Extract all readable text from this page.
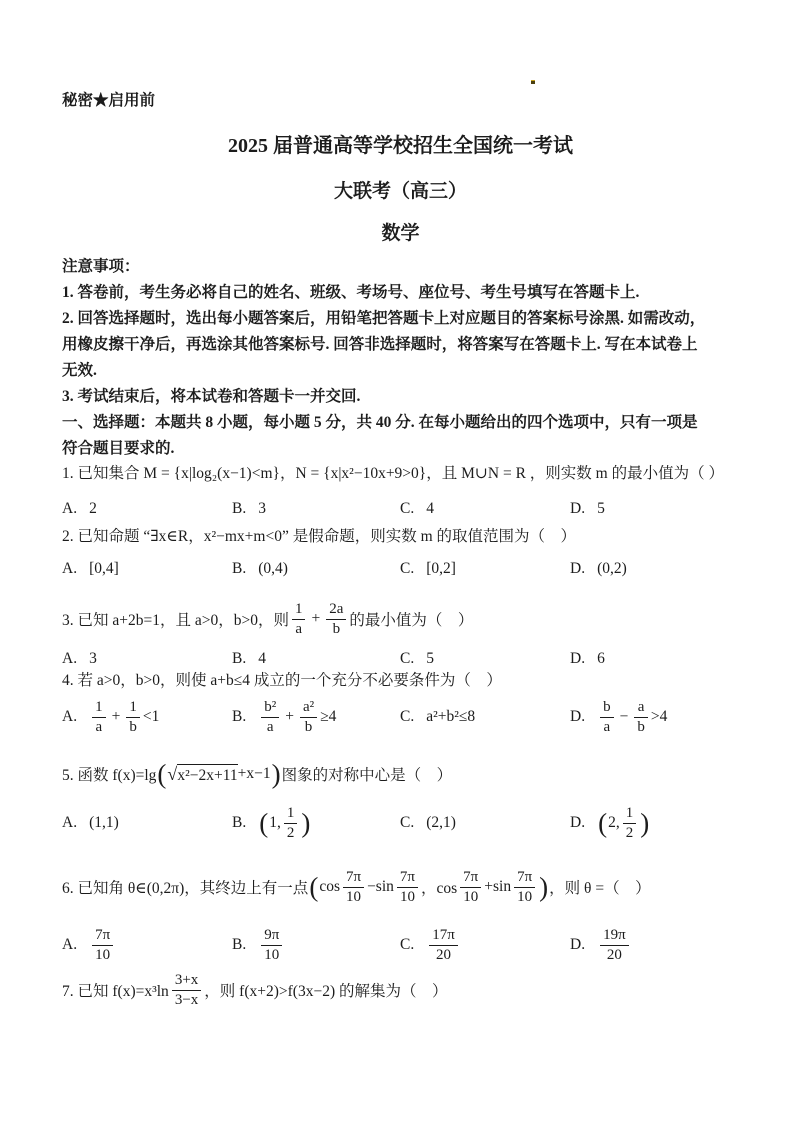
秘密★启用前
2025 届普通高等学校招生全国统一考试
大联考（高三）
数学
注意事项：

1. 答卷前，考生务必将自己的姓名、班级、考场号、座位号、考生号填写在答题卡上.

2. 回答选择题时，选出每小题答案后，用铅笔把答题卡上对应题目的答案标号涂黑. 如需改动，

用橡皮擦干净后，再选涂其他答案标号. 回答非选择题时，将答案写在答题卡上. 写在本试卷上

无效.

3. 考试结束后，将本试卷和答题卡一并交回.

一、选择题：本题共 8 小题，每小题 5 分，共 40 分. 在每小题给出的四个选项中，只有一项是

符合题目要求的.

1. 已知集合 M = {x|log₂(x−1)<m}，N = {x|x²−10x+9>0}，且 M∪N = R ，则实数 m 的最小值为（ ）
A. 2	B. 3	C. 4	D. 5
2. 已知命题 “∃x∈R，x²−mx+m<0” 是假命题，则实数 m 的取值范围为（　）
A. [0,4]	B. (0,4)	C. [0,2]	D. (0,2)
3. 已知 a+2b=1，且 a>0，b>0，则 $\frac{1}{a} + \frac{2a}{b}$ 的最小值为（　）
A. 3	B. 4	C. 5	D. 6
4. 若 a>0，b>0，则使 a+b≤4 成立的一个充分不必要条件为（　）
A. $\frac{1}{a} + \frac{1}{b} <1$	B. $\frac{\text{b²}}{a} + \frac{\text{a²}}{b} \ge 4$	C. a²+b²≤8	D. $\frac{b}{a} - \frac{a}{b} >4$
5. 函数 f(x)=lg ( √ x²−2x+11 +x−1 ) 图象的对称中心是（　）
A. (1,1)	B. ( 1, $\frac{1}{2}$ )	C. (2,1)	D. ( 2, $\frac{1}{2}$ )
6. 已知角 θ∈(0,2π)，其终边上有一点 ( $\cos \frac{7\pi}{10} -\sin \frac{7\pi}{10}$ ，$\cos \frac{7\pi}{10} +\sin \frac{7\pi}{10}$ ) ，则 θ =（　）
A. $\frac{7\pi}{10}$	B. $\frac{9\pi}{10}$	C. $\frac{17\pi}{20}$	D. $\frac{19\pi}{20}$
7. 已知 $f(x)=x^3\ln \frac{3+x}{3-x}$ ，则 f(x+2)>f(3x−2) 的解集为（　）
